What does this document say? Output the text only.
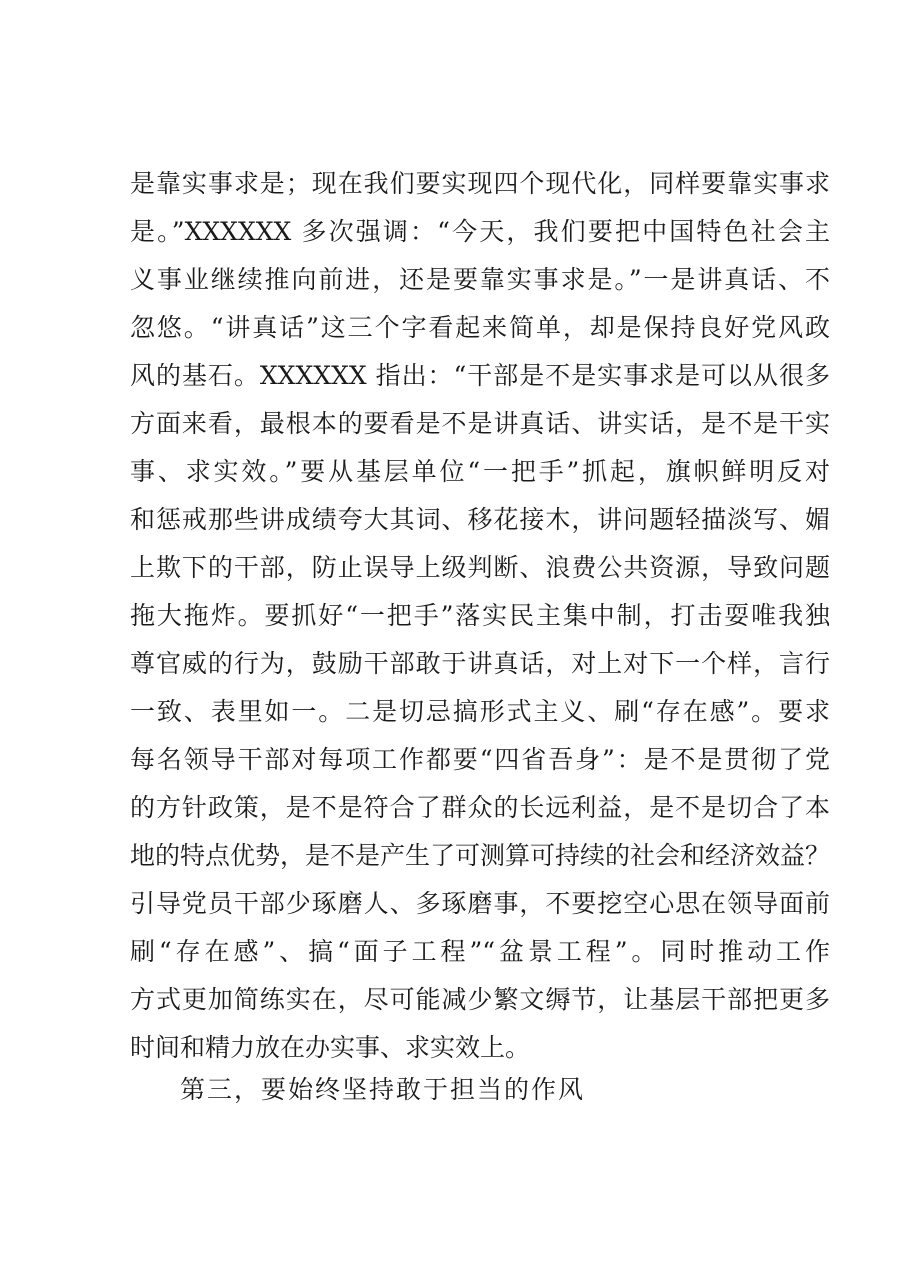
是靠实事求是；现在我们要实现四个现代化，同样要靠实事求
是。”XXXXXX 多次强调：“今天，我们要把中国特色社会主
义事业继续推向前进，还是要靠实事求是。”一是讲真话、不
忽悠。“讲真话”这三个字看起来简单，却是保持良好党风政
风的基石。XXXXXX 指出：“干部是不是实事求是可以从很多
方面来看，最根本的要看是不是讲真话、讲实话，是不是干实
事、求实效。”要从基层单位“一把手”抓起，旗帜鲜明反对
和惩戒那些讲成绩夸大其词、移花接木，讲问题轻描淡写、媚
上欺下的干部，防止误导上级判断、浪费公共资源，导致问题
拖大拖炸。要抓好“一把手”落实民主集中制，打击耍唯我独
尊官威的行为，鼓励干部敢于讲真话，对上对下一个样，言行
一致、表里如一。二是切忌搞形式主义、刷“存在感”。要求
每名领导干部对每项工作都要“四省吾身”：是不是贯彻了党
的方针政策，是不是符合了群众的长远利益，是不是切合了本
地的特点优势，是不是产生了可测算可持续的社会和经济效益？
引导党员干部少琢磨人、多琢磨事，不要挖空心思在领导面前
刷“存在感”、搞“面子工程”“盆景工程”。同时推动工作
方式更加简练实在，尽可能减少繁文缛节，让基层干部把更多
时间和精力放在办实事、求实效上。
第三，要始终坚持敢于担当的作风
